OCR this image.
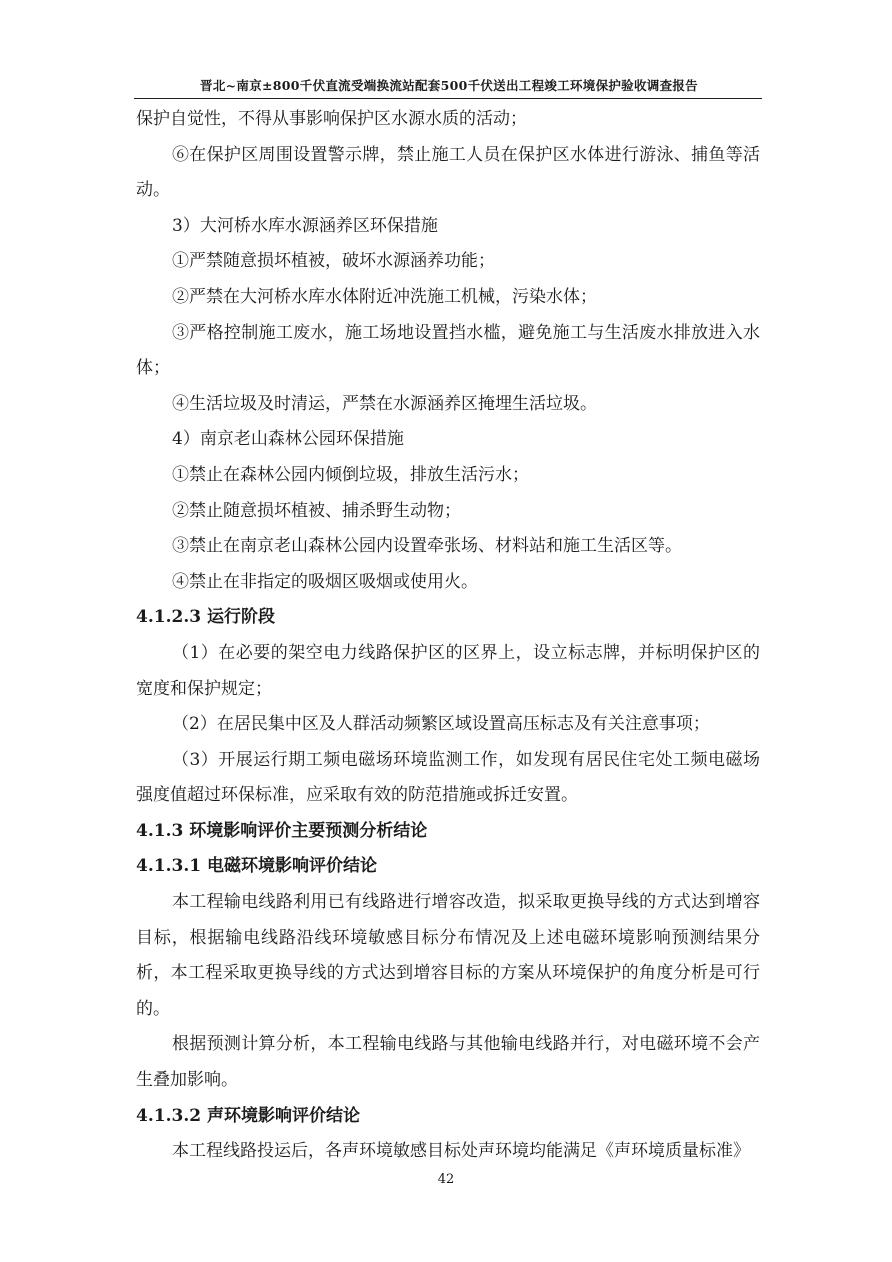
晋北~南京±800千伏直流受端换流站配套500千伏送出工程竣工环境保护验收调查报告

保护自觉性，不得从事影响保护区水源水质的活动；

⑥在保护区周围设置警示牌，禁止施工人员在保护区水体进行游泳、捕鱼等活动。

3）大河桥水库水源涵养区环保措施

①严禁随意损坏植被，破坏水源涵养功能；

②严禁在大河桥水库水体附近冲洗施工机械，污染水体；

③严格控制施工废水，施工场地设置挡水槛，避免施工与生活废水排放进入水体；

④生活垃圾及时清运，严禁在水源涵养区掩埋生活垃圾。

4）南京老山森林公园环保措施

①禁止在森林公园内倾倒垃圾，排放生活污水；

②禁止随意损坏植被、捕杀野生动物；

③禁止在南京老山森林公园内设置牵张场、材料站和施工生活区等。

④禁止在非指定的吸烟区吸烟或使用火。

4.1.2.3 运行阶段

（1）在必要的架空电力线路保护区的区界上，设立标志牌，并标明保护区的宽度和保护规定；

（2）在居民集中区及人群活动频繁区域设置高压标志及有关注意事项；

（3）开展运行期工频电磁场环境监测工作，如发现有居民住宅处工频电磁场强度值超过环保标准，应采取有效的防范措施或拆迁安置。

4.1.3 环境影响评价主要预测分析结论

4.1.3.1 电磁环境影响评价结论

本工程输电线路利用已有线路进行增容改造，拟采取更换导线的方式达到增容目标，根据输电线路沿线环境敏感目标分布情况及上述电磁环境影响预测结果分析，本工程采取更换导线的方式达到增容目标的方案从环境保护的角度分析是可行的。

根据预测计算分析，本工程输电线路与其他输电线路并行，对电磁环境不会产生叠加影响。

4.1.3.2 声环境影响评价结论

本工程线路投运后，各声环境敏感目标处声环境均能满足《声环境质量标准》

42
